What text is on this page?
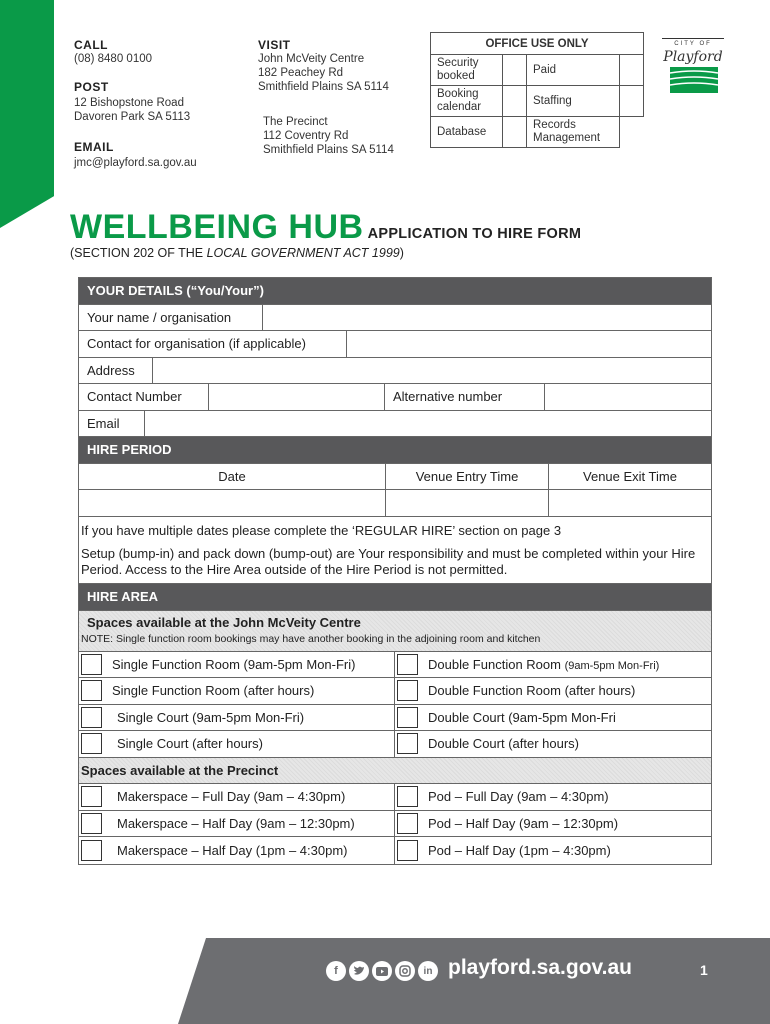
CALL
(08) 8480 0100
POST
12 Bishopstone Road
Davoren Park SA 5113
EMAIL
jmc@playford.sa.gov.au
VISIT
John McVeity Centre
182 Peachey Rd
Smithfield Plains SA 5114
The Precinct
112 Coventry Rd
Smithfield Plains SA 5114
OFFICE USE ONLY			
Security booked		Paid	
Booking calendar		Staffing	
Database		Records Management	
CITY OF
Playford
WELLBEING HUB APPLICATION TO HIRE FORM
(SECTION 202 OF THE LOCAL GOVERNMENT ACT 1999)
YOUR DETAILS (“You/Your”)
Your name / organisation
Contact for organisation (if applicable)
Address
Contact Number	Alternative number
Email
HIRE PERIOD
Date	Venue Entry Time	Venue Exit Time

If you have multiple dates please complete the ‘REGULAR HIRE’ section on page 3

Setup (bump-in) and pack down (bump-out) are Your responsibility and must be completed within your Hire Period. Access to the Hire Area outside of the Hire Period is not permitted.

HIRE AREA
Spaces available at the John McVeity Centre
NOTE: Single function room bookings may have another booking in the adjoining room and kitchen
Single Function Room (9am-5pm Mon-Fri)	Double Function Room (9am-5pm Mon-Fri)
Single Function Room (after hours)	Double Function Room (after hours)
Single Court (9am-5pm Mon-Fri)	Double Court (9am-5pm Mon-Fri
Single Court (after hours)	Double Court (after hours)
Spaces available at the Precinct
Makerspace – Full Day (9am – 4:30pm)	Pod – Full Day (9am – 4:30pm)
Makerspace – Half Day (9am – 12:30pm)	Pod – Half Day (9am – 12:30pm)
Makerspace – Half Day (1pm – 4:30pm)	Pod – Half Day (1pm – 4:30pm)
f	in playford.sa.gov.au	1
